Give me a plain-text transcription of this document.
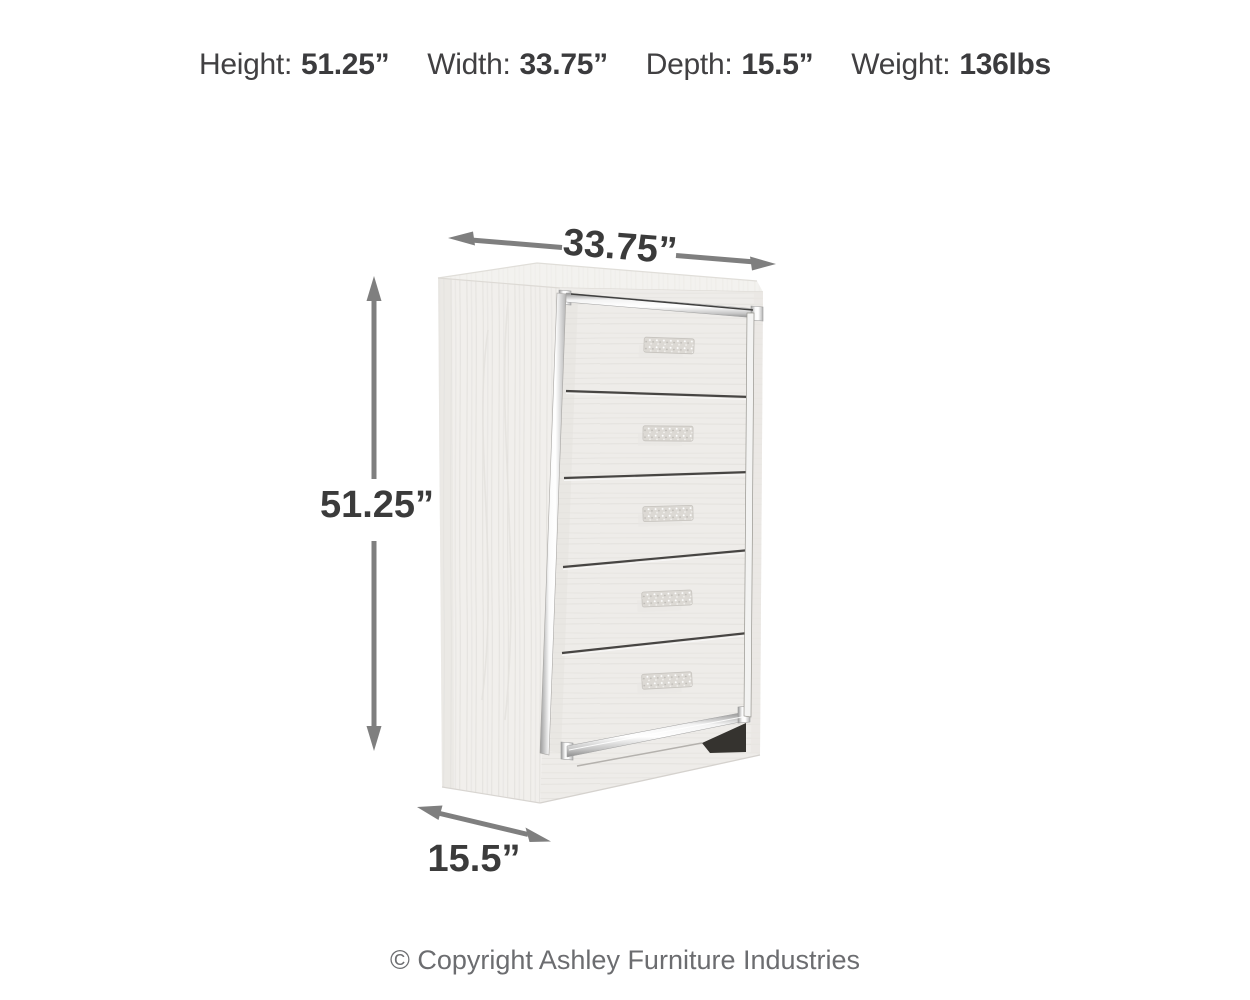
Height: 51.25” Width: 33.75” Depth: 15.5” Weight: 136lbs
33.75”
51.25”
15.5”
© Copyright Ashley Furniture Industries
